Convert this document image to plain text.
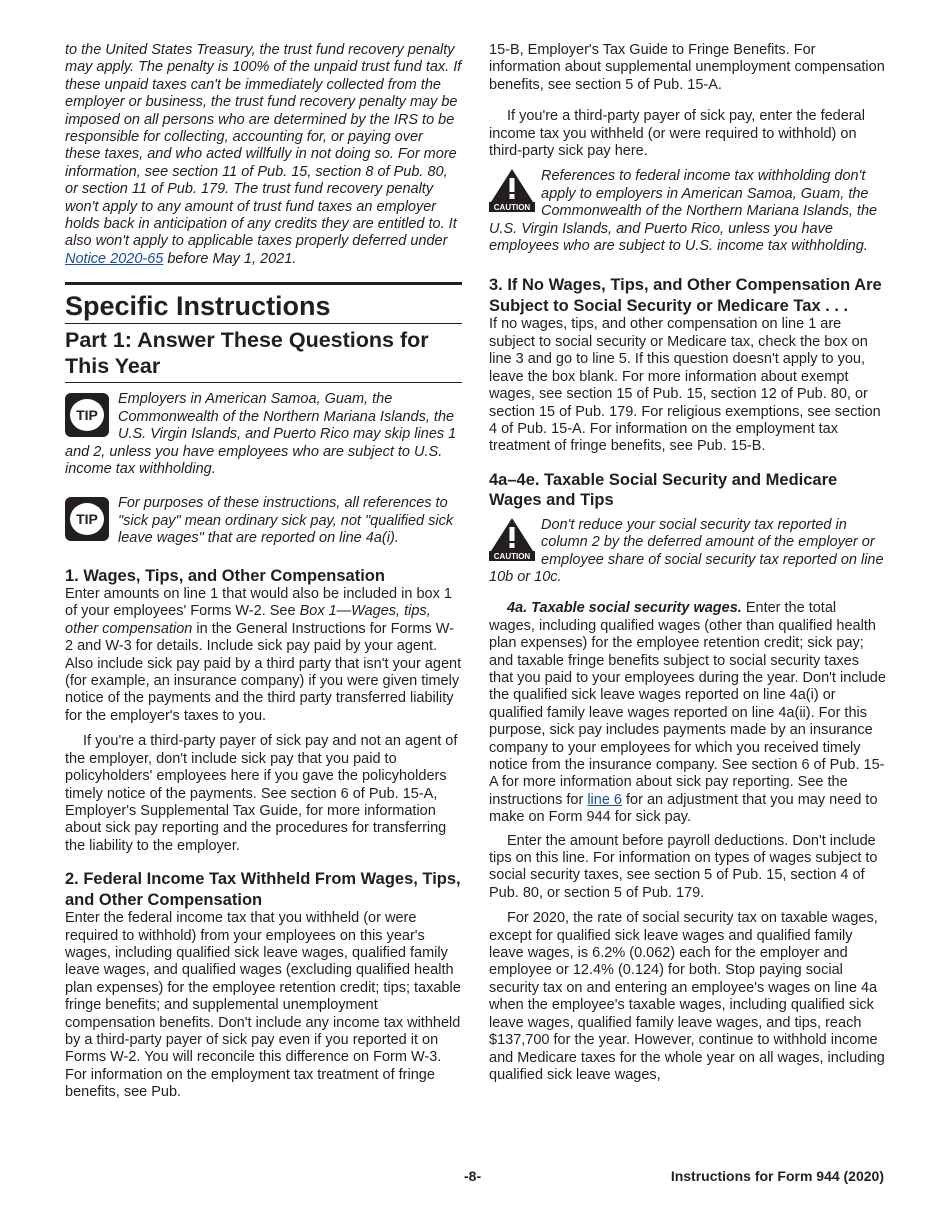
to the United States Treasury, the trust fund recovery penalty may apply. The penalty is 100% of the unpaid trust fund tax. If these unpaid taxes can't be immediately collected from the employer or business, the trust fund recovery penalty may be imposed on all persons who are determined by the IRS to be responsible for collecting, accounting for, or paying over these taxes, and who acted willfully in not doing so. For more information, see section 11 of Pub. 15, section 8 of Pub. 80, or section 11 of Pub. 179. The trust fund recovery penalty won't apply to any amount of trust fund taxes an employer holds back in anticipation of any credits they are entitled to. It also won't apply to applicable taxes properly deferred under Notice 2020-65 before May 1, 2021.

Specific Instructions
Part 1: Answer These Questions for This Year
TIP

Employers in American Samoa, Guam, the Commonwealth of the Northern Mariana Islands, the U.S. Virgin Islands, and Puerto Rico may skip lines 1 and 2, unless you have employees who are subject to U.S. income tax withholding.

TIP

For purposes of these instructions, all references to "sick pay" mean ordinary sick pay, not "qualified sick leave wages" that are reported on line 4a(i).

1. Wages, Tips, and Other Compensation

Enter amounts on line 1 that would also be included in box 1 of your employees' Forms W-2. See Box 1—Wages, tips, other compensation in the General Instructions for Forms W-2 and W-3 for details. Include sick pay paid by your agent. Also include sick pay paid by a third party that isn't your agent (for example, an insurance company) if you were given timely notice of the payments and the third party transferred liability for the employer's taxes to you.

If you're a third-party payer of sick pay and not an agent of the employer, don't include sick pay that you paid to policyholders' employees here if you gave the policyholders timely notice of the payments. See section 6 of Pub. 15-A, Employer's Supplemental Tax Guide, for more information about sick pay reporting and the procedures for transferring the liability to the employer.

2. Federal Income Tax Withheld From Wages, Tips, and Other Compensation

Enter the federal income tax that you withheld (or were required to withhold) from your employees on this year's wages, including qualified sick leave wages, qualified family leave wages, and qualified wages (excluding qualified health plan expenses) for the employee retention credit; tips; taxable fringe benefits; and supplemental unemployment compensation benefits. Don't include any income tax withheld by a third-party payer of sick pay even if you reported it on Forms W-2. You will reconcile this difference on Form W-3. For information on the employment tax treatment of fringe benefits, see Pub.

15-B, Employer's Tax Guide to Fringe Benefits. For information about supplemental unemployment compensation benefits, see section 5 of Pub. 15-A.

If you're a third-party payer of sick pay, enter the federal income tax you withheld (or were required to withhold) on third-party sick pay here.

CAUTION

References to federal income tax withholding don't apply to employers in American Samoa, Guam, the Commonwealth of the Northern Mariana Islands, the U.S. Virgin Islands, and Puerto Rico, unless you have employees who are subject to U.S. income tax withholding.

3. If No Wages, Tips, and Other Compensation Are Subject to Social Security or Medicare Tax . . .

If no wages, tips, and other compensation on line 1 are subject to social security or Medicare tax, check the box on line 3 and go to line 5. If this question doesn't apply to you, leave the box blank. For more information about exempt wages, see section 15 of Pub. 15, section 12 of Pub. 80, or section 15 of Pub. 179. For religious exemptions, see section 4 of Pub. 15-A. For information on the employment tax treatment of fringe benefits, see Pub. 15-B.

4a–4e. Taxable Social Security and Medicare Wages and Tips
CAUTION

Don't reduce your social security tax reported in column 2 by the deferred amount of the employer or employee share of social security tax reported on line 10b or 10c.

4a. Taxable social security wages. Enter the total wages, including qualified wages (other than qualified health plan expenses) for the employee retention credit; sick pay; and taxable fringe benefits subject to social security taxes that you paid to your employees during the year. Don't include the qualified sick leave wages reported on line 4a(i) or qualified family leave wages reported on line 4a(ii). For this purpose, sick pay includes payments made by an insurance company to your employees for which you received timely notice from the insurance company. See section 6 of Pub. 15-A for more information about sick pay reporting. See the instructions for line 6 for an adjustment that you may need to make on Form 944 for sick pay.

Enter the amount before payroll deductions. Don't include tips on this line. For information on types of wages subject to social security taxes, see section 5 of Pub. 15, section 4 of Pub. 80, or section 5 of Pub. 179.

For 2020, the rate of social security tax on taxable wages, except for qualified sick leave wages and qualified family leave wages, is 6.2% (0.062) each for the employer and employee or 12.4% (0.124) for both. Stop paying social security tax on and entering an employee's wages on line 4a when the employee's taxable wages, including qualified sick leave wages, qualified family leave wages, and tips, reach $137,700 for the year. However, continue to withhold income and Medicare taxes for the whole year on all wages, including qualified sick leave wages,

-8-	Instructions for Form 944 (2020)
